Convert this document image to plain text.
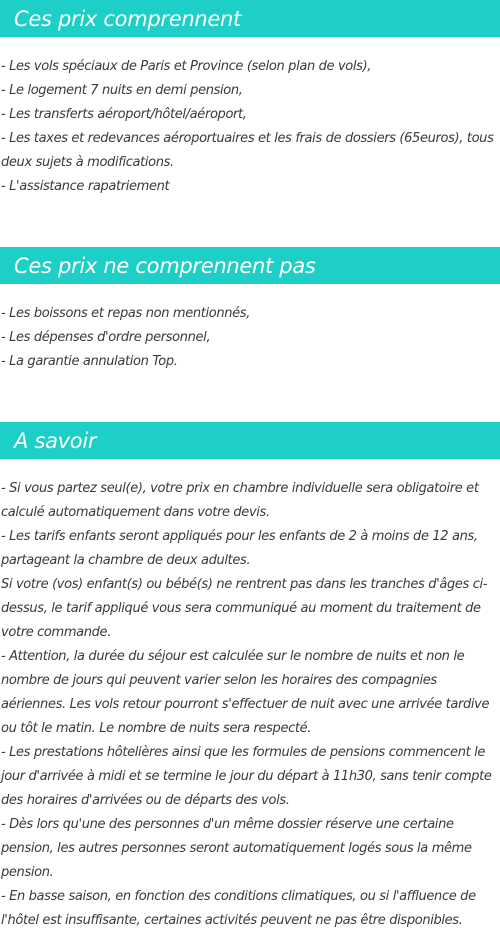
Ces prix comprennent
- Les vols spéciaux de Paris et Province (selon plan de vols),
- Le logement 7 nuits en demi pension,
- Les transferts aéroport/hôtel/aéroport,
- Les taxes et redevances aéroportuaires et les frais de dossiers (65euros), tous
deux sujets à modifications.
- L'assistance rapatriement
Ces prix ne comprennent pas
- Les boissons et repas non mentionnés,
- Les dépenses d'ordre personnel,
- La garantie annulation Top.
A savoir
- Si vous partez seul(e), votre prix en chambre individuelle sera obligatoire et
calculé automatiquement dans votre devis.
- Les tarifs enfants seront appliqués pour les enfants de 2 à moins de 12 ans,
partageant la chambre de deux adultes.
Si votre (vos) enfant(s) ou bébé(s) ne rentrent pas dans les tranches d'âges ci-
dessus, le tarif appliqué vous sera communiqué au moment du traitement de
votre commande.
- Attention, la durée du séjour est calculée sur le nombre de nuits et non le
nombre de jours qui peuvent varier selon les horaires des compagnies
aériennes. Les vols retour pourront s'effectuer de nuit avec une arrivée tardive
ou tôt le matin. Le nombre de nuits sera respecté.
- Les prestations hôtelières ainsi que les formules de pensions commencent le
jour d'arrivée à midi et se termine le jour du départ à 11h30, sans tenir compte
des horaires d'arrivées ou de départs des vols.
- Dès lors qu'une des personnes d'un même dossier réserve une certaine
pension, les autres personnes seront automatiquement logés sous la même
pension.
- En basse saison, en fonction des conditions climatiques, ou si l'affluence de
l'hôtel est insuffisante, certaines activités peuvent ne pas être disponibles.
